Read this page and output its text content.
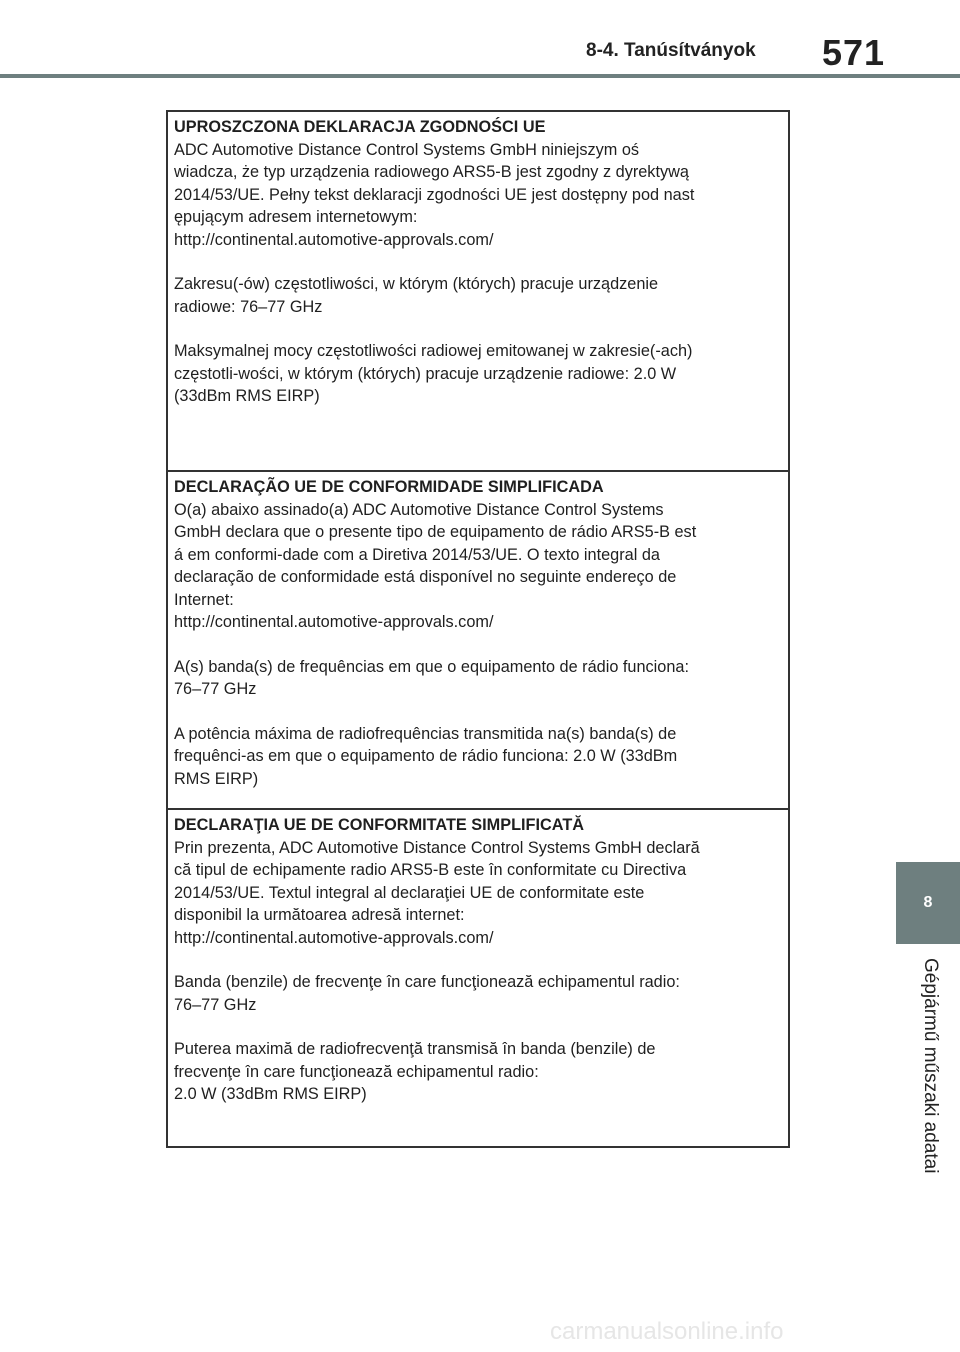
8-4. Tanúsítványok 571
8
Gépjármű műszaki adatai
UPROSZCZONA DEKLARACJA ZGODNOŚCI UE

ADC Automotive Distance Control Systems GmbH niniejszym oś

wiadcza, że typ urządzenia radiowego ARS5-B jest zgodny z dyrektywą

2014/53/UE. Pełny tekst deklaracji zgodności UE jest dostępny pod nast

ępującym adresem internetowym:

http://continental.automotive-approvals.com/

Zakresu(-ów) częstotliwości, w którym (których) pracuje urządzenie

radiowe: 76–77 GHz

Maksymalnej mocy częstotliwości radiowej emitowanej w zakresie(-ach)

częstotli-wości, w którym (których) pracuje urządzenie radiowe: 2.0 W

(33dBm RMS EIRP)

DECLARAÇÃO UE DE CONFORMIDADE SIMPLIFICADA

O(a) abaixo assinado(a) ADC Automotive Distance Control Systems

GmbH declara que o presente tipo de equipamento de rádio ARS5-B est

á em conformi-dade com a Diretiva 2014/53/UE. O texto integral da

declaração de conformidade está disponível no seguinte endereço de

Internet:

http://continental.automotive-approvals.com/

A(s) banda(s) de frequências em que o equipamento de rádio funciona:

76–77 GHz

A potência máxima de radiofrequências transmitida na(s) banda(s) de

frequênci-as em que o equipamento de rádio funciona: 2.0 W (33dBm

RMS EIRP)

DECLARAŢIA UE DE CONFORMITATE SIMPLIFICATĂ

Prin prezenta, ADC Automotive Distance Control Systems GmbH declară

că tipul de echipamente radio ARS5-B este în conformitate cu Directiva

2014/53/UE. Textul integral al declaraţiei UE de conformitate este

disponibil la următoarea adresă internet:

http://continental.automotive-approvals.com/

Banda (benzile) de frecvenţe în care funcţionează echipamentul radio:

76–77 GHz

Puterea maximă de radiofrecvenţă transmisă în banda (benzile) de

frecvenţe în care funcţionează echipamentul radio:

2.0 W (33dBm RMS EIRP)

carmanualsonline.info
